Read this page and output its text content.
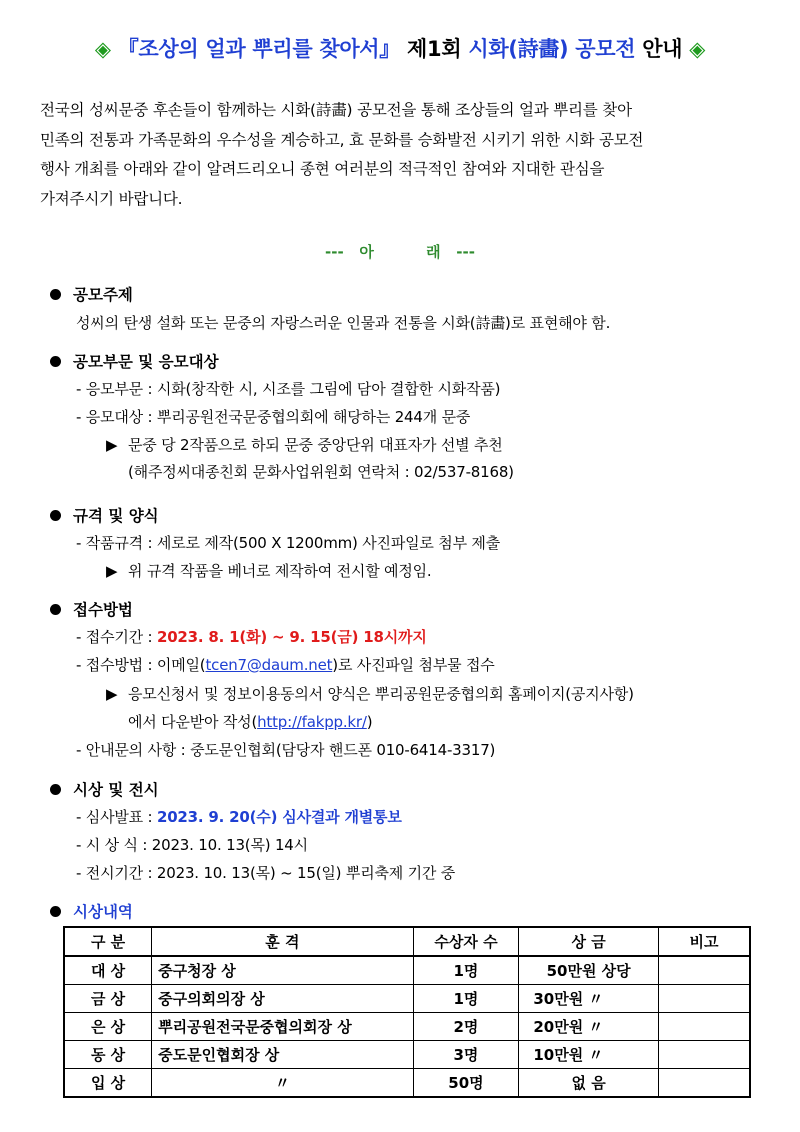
◈ 『조상의 얼과 뿌리를 찾아서』 제1회 시화(詩畵) 공모전 안내 ◈
전국의 성씨문중 후손들이 함께하는 시화(詩畵) 공모전을 통해 조상들의 얼과 뿌리를 찾아
민족의 전통과 가족문화의 우수성을 계승하고, 효 문화를 승화발전 시키기 위한 시화 공모전
행사 개최를 아래와 같이 알려드리오니 종현 여러분의 적극적인 참여와 지대한 관심을
가져주시기 바랍니다.
---   아          래   ---
공모주제
성씨의 탄생 설화 또는 문중의 자랑스러운 인물과 전통을 시화(詩畵)로 표현해야 함.
공모부문 및 응모대상
- 응모부문 : 시화(창작한 시, 시조를 그림에 담아 결합한 시화작품)
- 응모대상 : 뿌리공원전국문중협의회에 해당하는 244개 문중
▶ 문중 당 2작품으로 하되 문중 중앙단위 대표자가 선별 추천
(해주정씨대종친회 문화사업위원회 연락처 : 02/537-8168)
규격 및 양식
- 작품규격 : 세로로 제작(500 X 1200mm) 사진파일로 첨부 제출
▶ 위 규격 작품을 베너로 제작하여 전시할 예정임.
접수방법
- 접수기간 : 2023. 8. 1(화) ~ 9. 15(금) 18시까지
- 접수방법 : 이메일(tcen7@daum.net)로 사진파일 첨부물 접수
▶ 응모신청서 및 정보이용동의서 양식은 뿌리공원문중협의회 홈페이지(공지사항)
에서 다운받아 작성(http://fakpp.kr/)
- 안내문의 사항 : 중도문인협회(담당자 핸드폰 010-6414-3317)
시상 및 전시
- 심사발표 : 2023. 9. 20(수) 심사결과 개별통보
- 시 상 식 : 2023. 10. 13(목) 14시
- 전시기간 : 2023. 10. 13(목) ~ 15(일) 뿌리축제 기간 중
시상내역
구 분	훈 격	수상자 수	상 금	비고
대 상	중구청장 상	1명	50만원 상당	
금 상	중구의회의장 상	1명	30만원 〃	
은 상	뿌리공원전국문중협의회장 상	2명	20만원 〃	
동 상	중도문인협회장 상	3명	10만원 〃	
입 상	〃	50명	없 음	
